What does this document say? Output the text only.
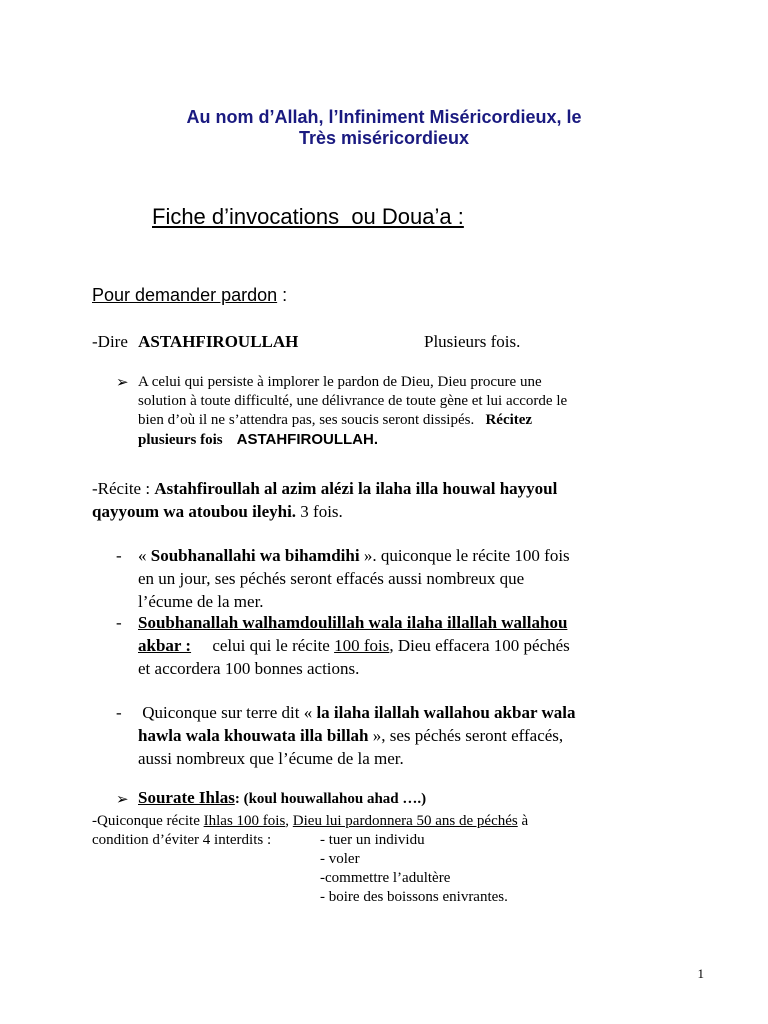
Au nom d’Allah, l’Infiniment Miséricordieux, le
Très miséricordieux
Fiche d’invocations  ou Doua’a :
Pour demander pardon :
-Dire ASTAHFIROULLAH	Plusieurs fois.
➢ A celui qui persiste à implorer le pardon de Dieu, Dieu procure une
solution à toute difficulté, une délivrance de toute gène et lui accorde le
bien d’où il ne s’attendra pas, ses soucis seront dissipés. Récitez
plusieurs fois ASTAHFIROULLAH.
-Récite : Astahfiroullah al azim alézi la ilaha illa houwal hayyoul
qayyoum wa atoubou ileyhi. 3 fois.
- « Soubhanallahi wa bihamdihi ». quiconque le récite 100 fois
en un jour, ses péchés seront effacés aussi nombreux que
l’écume de la mer.
- Soubhanallah walhamdoulillah wala ilaha illallah wallahou
akbar :     celui qui le récite 100 fois, Dieu effacera 100 péchés
et accordera 100 bonnes actions.
- Quiconque sur terre dit « la ilaha ilallah wallahou akbar wala
hawla wala khouwata illa billah », ses péchés seront effacés,
aussi nombreux que l’écume de la mer.
➢ Sourate Ihlas: (koul houwallahou ahad ….)
-Quiconque récite Ihlas 100 fois, Dieu lui pardonnera 50 ans de péchés à
condition d’éviter 4 interdits :	- tuer un individu
- voler
-commettre l’adultère
- boire des boissons enivrantes.
1
